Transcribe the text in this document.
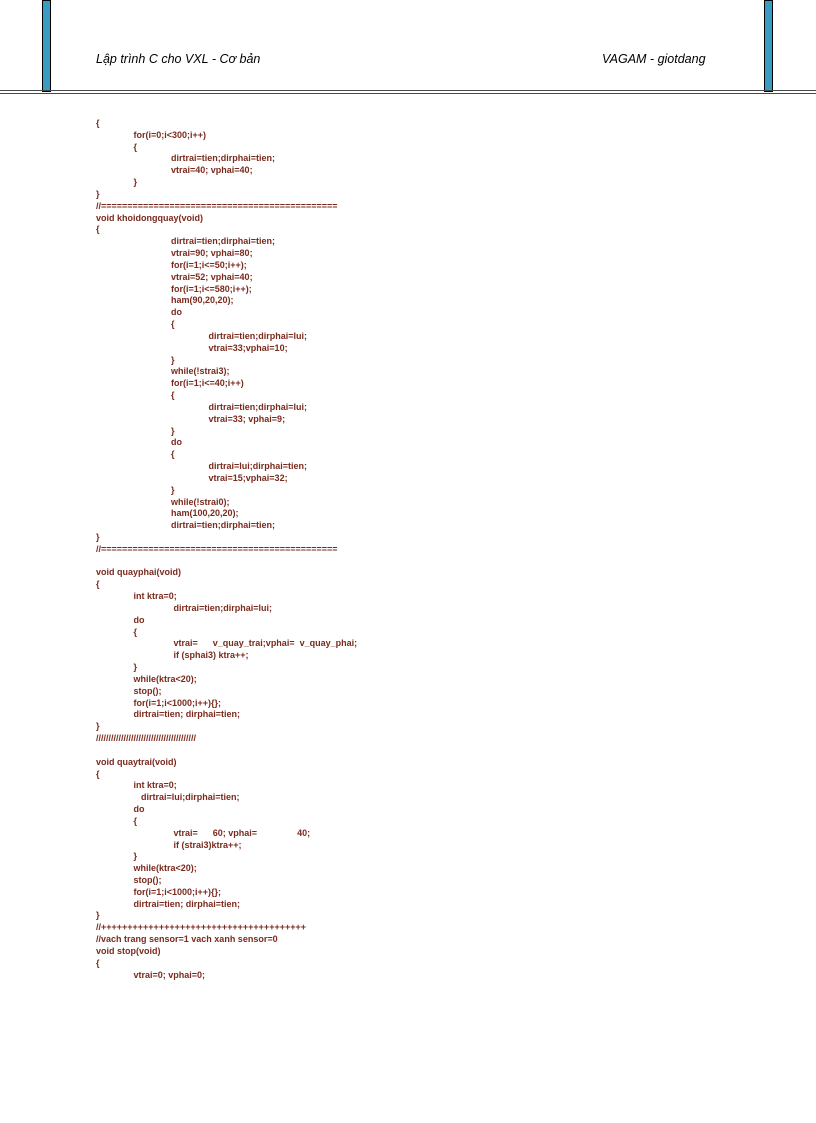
Lập trình C cho VXL - Cơ bản	VAGAM - giotdang
{
for(i=0;i<300;i++)
{
dirtrai=tien;dirphai=tien;
vtrai=40; vphai=40;
}
}
//=============================================
void khoidongquay(void)
{
dirtrai=tien;dirphai=tien;
vtrai=90; vphai=80;
for(i=1;i<=50;i++);
vtrai=52; vphai=40;
for(i=1;i<=580;i++);
ham(90,20,20);
do
{
dirtrai=tien;dirphai=lui;
vtrai=33;vphai=10;
}
while(!strai3);
for(i=1;i<=40;i++)
{
dirtrai=tien;dirphai=lui;
vtrai=33; vphai=9;
}
do
{
dirtrai=lui;dirphai=tien;
vtrai=15;vphai=32;
}
while(!strai0);
ham(100,20,20);
dirtrai=tien;dirphai=tien;
}
//=============================================
void quayphai(void)
{
int ktra=0;
dirtrai=tien;dirphai=lui;
do
{
vtrai=      v_quay_trai;vphai=  v_quay_phai;
if (sphai3) ktra++;
}
while(ktra<20);
stop();
for(i=1;i<1000;i++){};
dirtrai=tien; dirphai=tien;
}
////////////////////////////////////////
void quaytrai(void)
{
int ktra=0;
dirtrai=lui;dirphai=tien;
do
{
vtrai=      60; vphai=                40;
if (strai3)ktra++;
}
while(ktra<20);
stop();
for(i=1;i<1000;i++){};
dirtrai=tien; dirphai=tien;
}
//+++++++++++++++++++++++++++++++++++++++
//vach trang sensor=1 vach xanh sensor=0
void stop(void)
{
vtrai=0; vphai=0;
